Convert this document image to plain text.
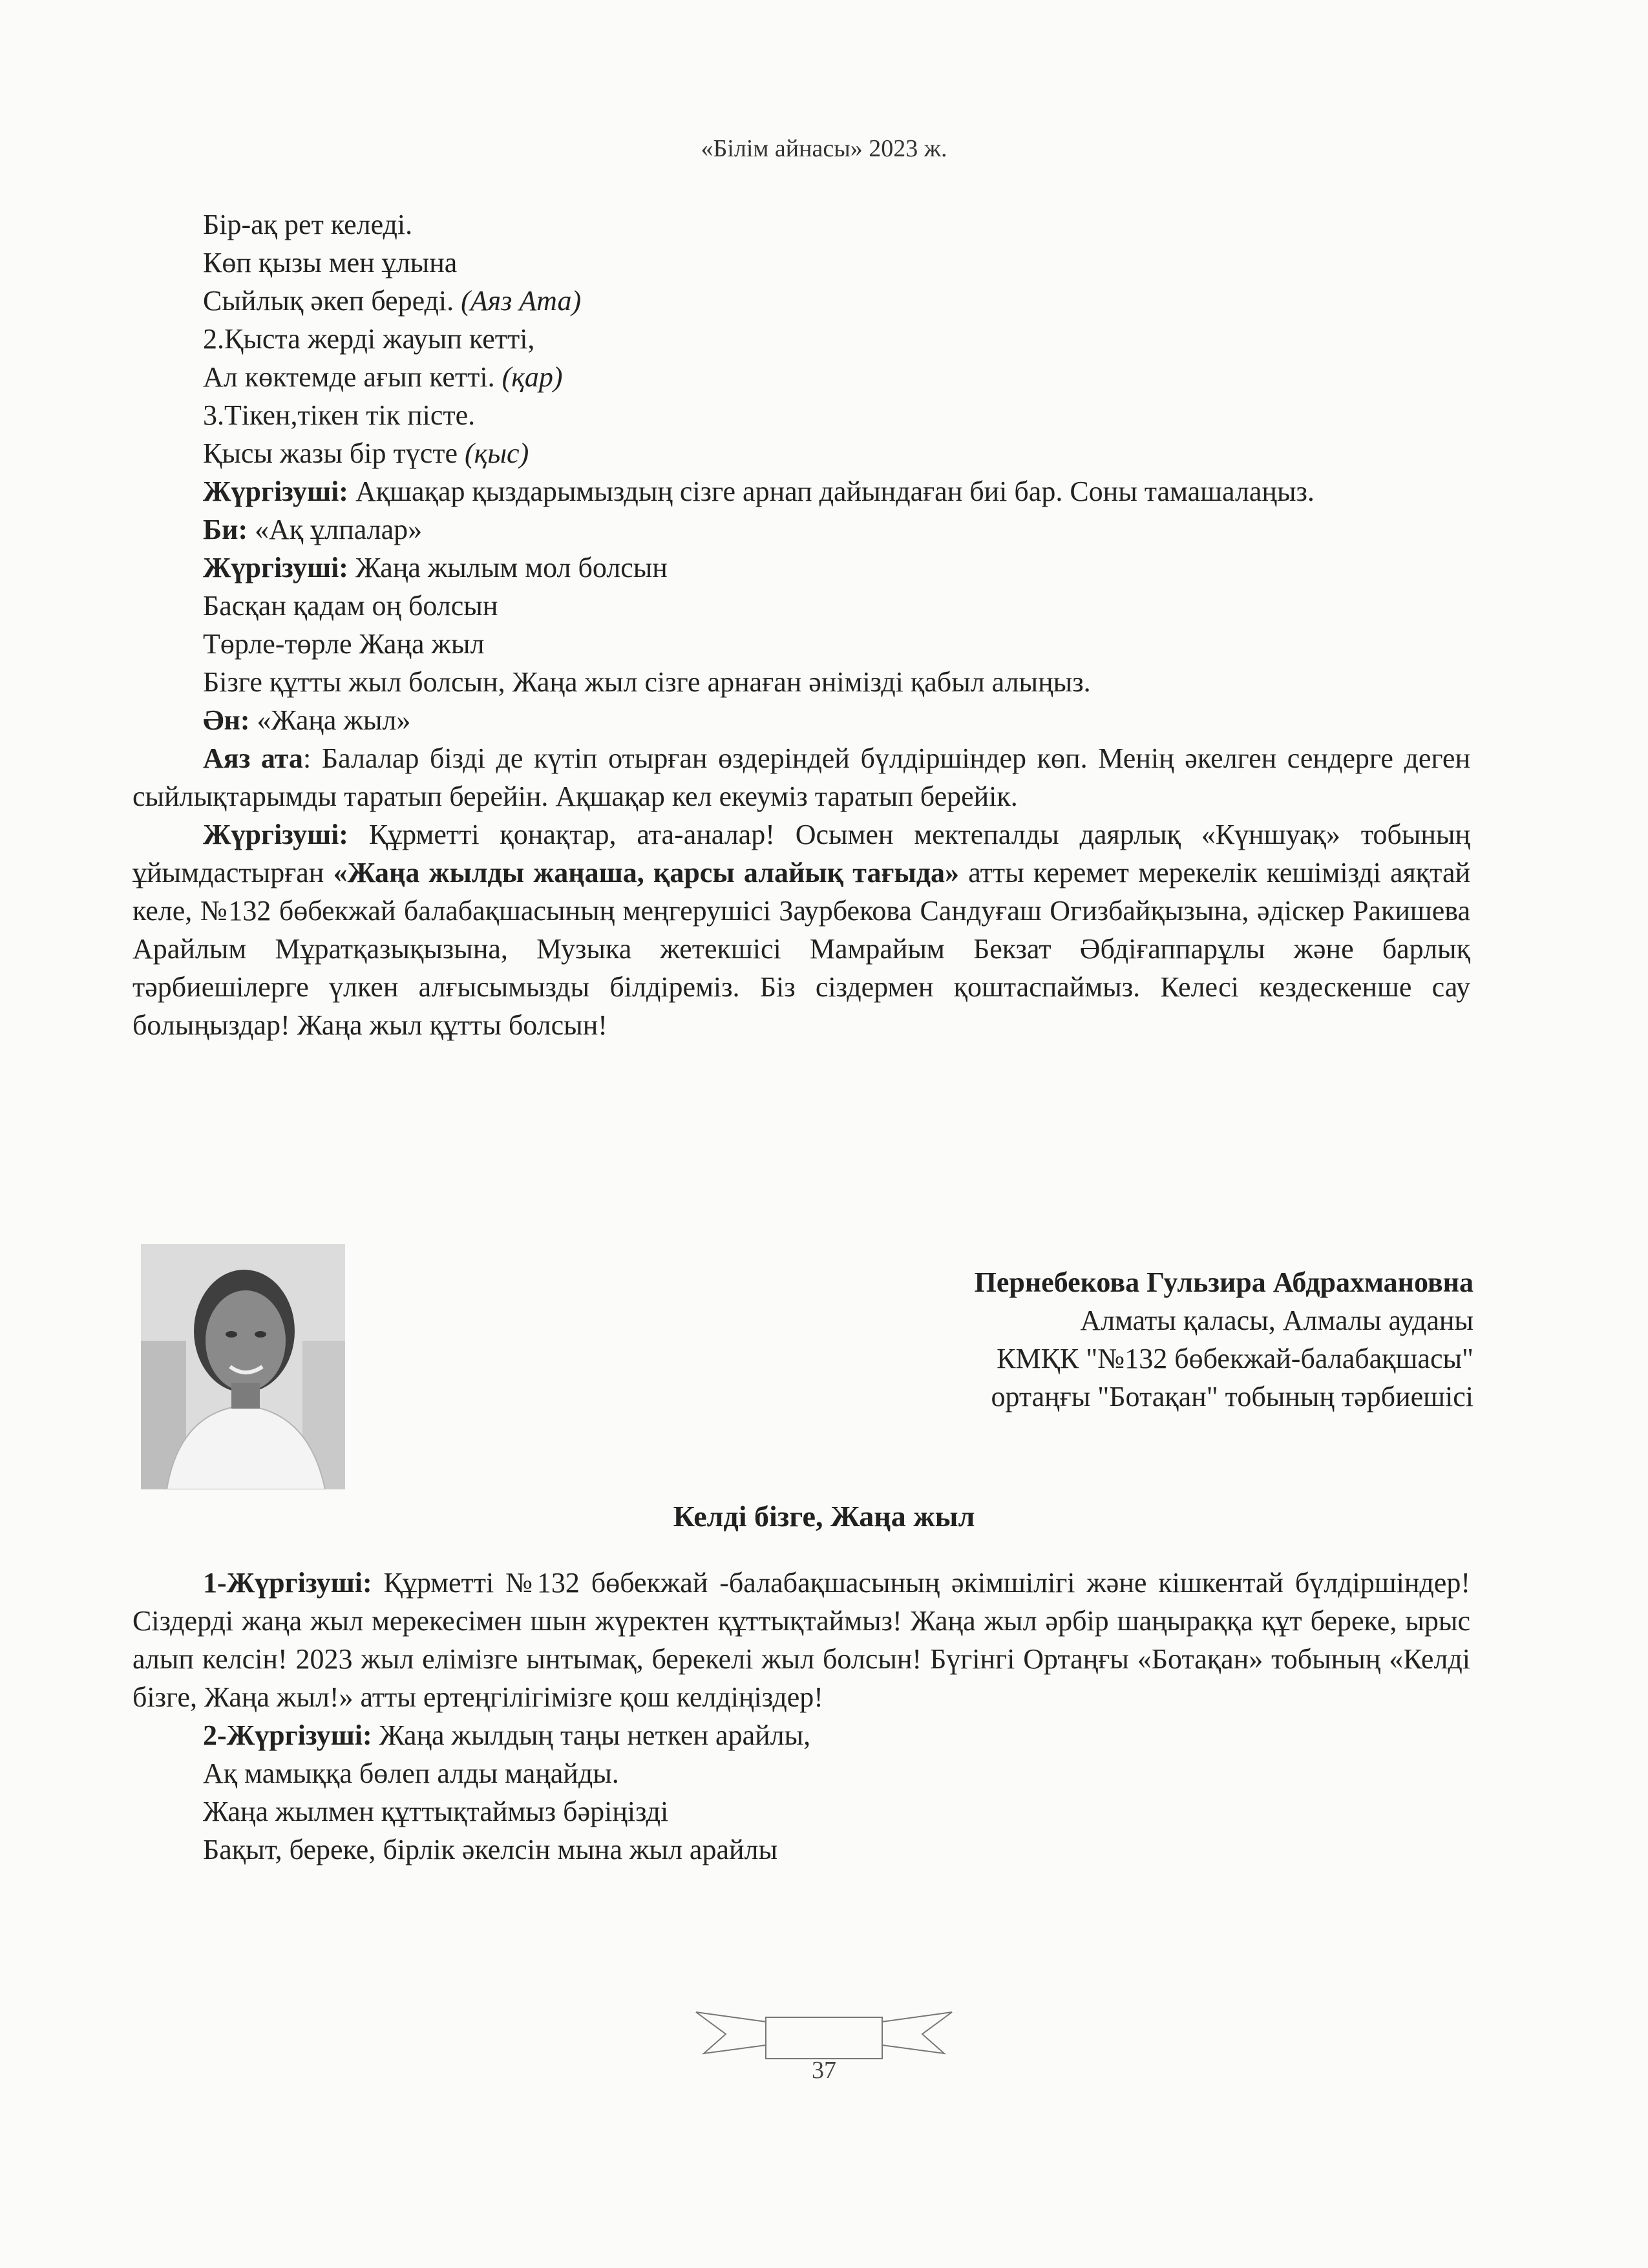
«Білім айнасы» 2023 ж.

Бір-ақ рет келеді.

Көп қызы мен ұлына

Сыйлық әкеп береді. (Аяз Ата)

2.Қыста жерді жауып кетті,

Ал көктемде ағып кетті. (қар)

3.Тікен,тікен тік пісте.

Қысы жазы бір түсте (қыс)

Жүргізуші: Ақшақар қыздарымыздың сізге арнап дайындаған биі бар. Соны тамашалаңыз.

Би: «Ақ ұлпалар»

Жүргізуші: Жаңа жылым мол болсын

Басқан қадам оң болсын

Төрле-төрле Жаңа жыл

Бізге құтты жыл болсын, Жаңа жыл сізге арнаған әнімізді қабыл алыңыз.

Ән: «Жаңа жыл»

Аяз ата: Балалар бізді де күтіп отырған өздеріндей бүлдіршіндер көп. Менің әкелген сендерге деген сыйлықтарымды таратып берейін. Ақшақар кел екеуміз таратып берейік.

Жүргізуші: Құрметті қонақтар, ата-аналар! Осымен мектепалды даярлық «Күншуақ» тобының ұйымдастырған «Жаңа жылды жаңаша, қарсы алайық тағыда» атты керемет мерекелік кешімізді аяқтай келе, №132 бөбекжай балабақшасының меңгерушісі Заурбекова Сандуғаш Огизбайқызына, әдіскер Ракишева Арайлым Мұратқазықызына, Музыка жетекшісі Мамрайым Бекзат Әбдіғаппарұлы және барлық тәрбиешілерге үлкен алғысымызды білдіреміз. Біз сіздермен қоштаспаймыз. Келесі кездескенше сау болыңыздар! Жаңа жыл құтты болсын!

Пернебекова Гульзира Абдрахмановна

Алматы қаласы, Алмалы ауданы

КМҚК "№132 бөбекжай-балабақшасы"

ортаңғы "Ботақан" тобының тәрбиешісі

Келді бізге, Жаңа жыл

1-Жүргізуші: Құрметті №132 бөбекжай -балабақшасының әкімшілігі және кішкентай бүлдіршіндер! Сіздерді жаңа жыл мерекесімен шын жүректен құттықтаймыз! Жаңа жыл әрбір шаңыраққа құт береке, ырыс алып келсін! 2023 жыл елімізге ынтымақ, берекелі жыл болсын! Бүгінгі Ортаңғы «Ботақан» тобының «Келді бізге, Жаңа жыл!» атты ертеңгілігімізге қош келдіңіздер!

2-Жүргізуші: Жаңа жылдың таңы неткен арайлы,

Ақ мамыққа бөлеп алды маңайды.

Жаңа жылмен құттықтаймыз бәріңізді

Бақыт, береке, бірлік әкелсін мына жыл арайлы

37
